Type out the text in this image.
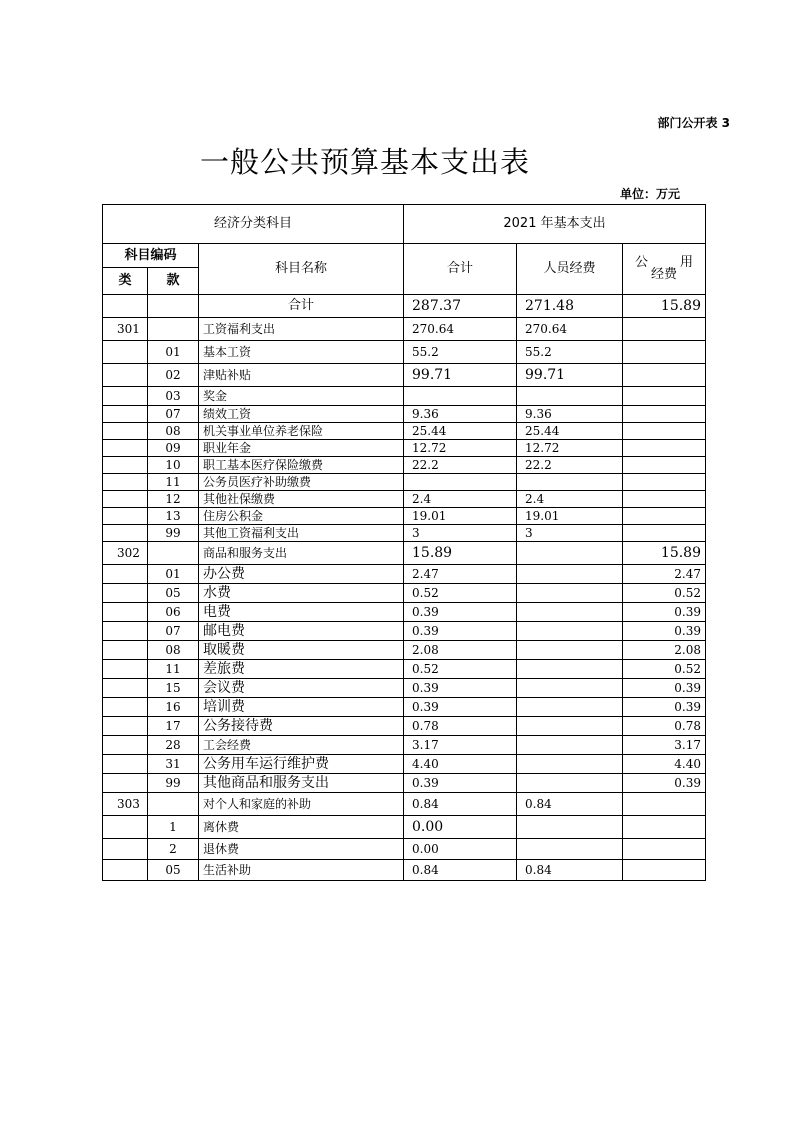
部门公开表 3
一般公共预算基本支出表
单位：万元
经济分类科目			2021 年基本支出		
科目编码		科目名称	合计	人员经费	公 用
经费

类	款				
		合计	287.37	271.48	15.89
301		工资福利支出	270.64	270.64	
	01	基本工资	55.2	55.2	
	02	津贴补贴	99.71	99.71	
	03	奖金			
	07	绩效工资	9.36	9.36	
	08	机关事业单位养老保险	25.44	25.44	
	09	职业年金	12.72	12.72	
	10	职工基本医疗保险缴费	22.2	22.2	
	11	公务员医疗补助缴费			
	12	其他社保缴费	2.4	2.4	
	13	住房公积金	19.01	19.01	
	99	其他工资福利支出	3	3	
302		商品和服务支出	15.89		15.89
	01	办公费	2.47		2.47
	05	水费	0.52		0.52
	06	电费	0.39		0.39
	07	邮电费	0.39		0.39
	08	取暖费	2.08		2.08
	11	差旅费	0.52		0.52
	15	会议费	0.39		0.39
	16	培训费	0.39		0.39
	17	公务接待费	0.78		0.78
	28	工会经费	3.17		3.17
	31	公务用车运行维护费	4.40		4.40
	99	其他商品和服务支出	0.39		0.39
303		对个人和家庭的补助	0.84	0.84	
	1	离休费	0.00		
	2	退休费	0.00		
	05	生活补助	0.84	0.84	
